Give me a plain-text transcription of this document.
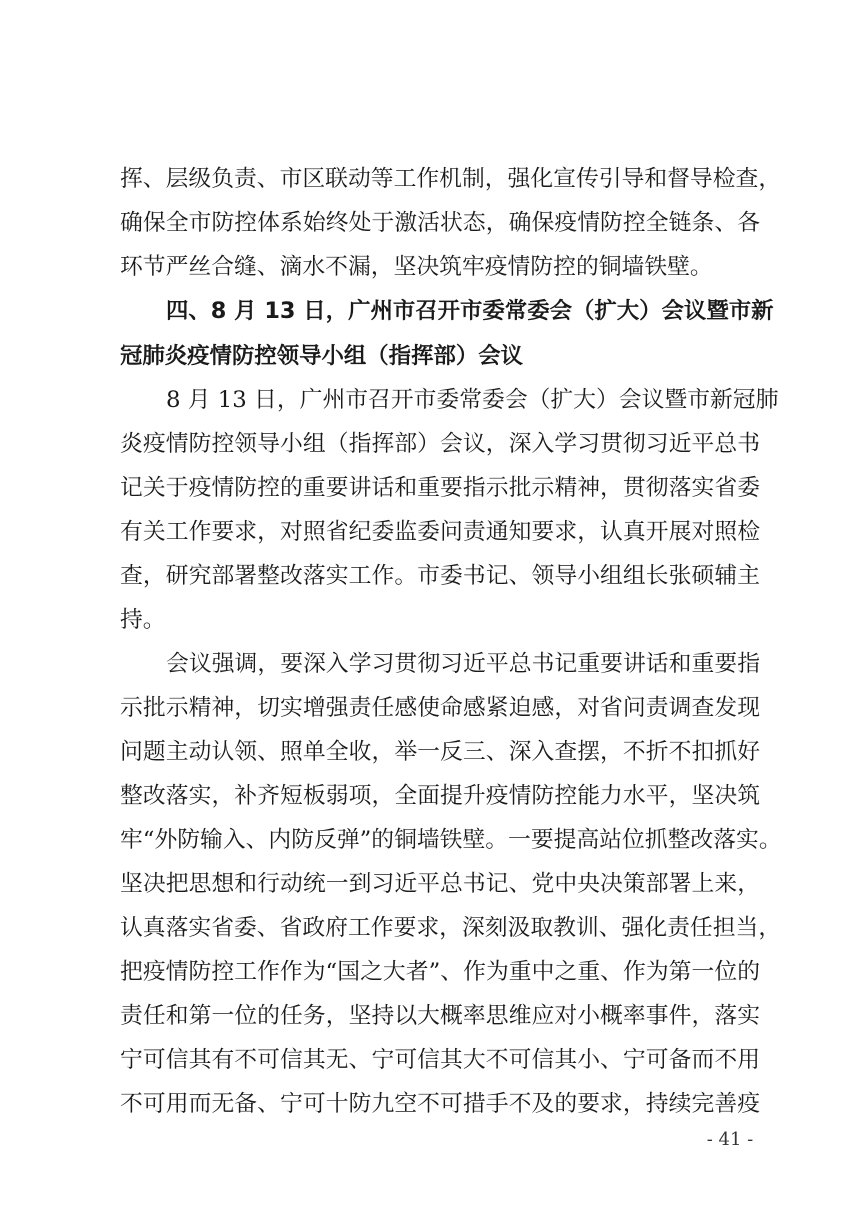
挥、层级负责、市区联动等工作机制，强化宣传引导和督导检查，
确保全市防控体系始终处于激活状态，确保疫情防控全链条、各
环节严丝合缝、滴水不漏，坚决筑牢疫情防控的铜墙铁壁。
四、8 月 13 日，广州市召开市委常委会（扩大）会议暨市新
冠肺炎疫情防控领导小组（指挥部）会议
8 月 13 日，广州市召开市委常委会（扩大）会议暨市新冠肺
炎疫情防控领导小组（指挥部）会议，深入学习贯彻习近平总书
记关于疫情防控的重要讲话和重要指示批示精神，贯彻落实省委
有关工作要求，对照省纪委监委问责通知要求，认真开展对照检
查，研究部署整改落实工作。市委书记、领导小组组长张硕辅主
持。
会议强调，要深入学习贯彻习近平总书记重要讲话和重要指
示批示精神，切实增强责任感使命感紧迫感，对省问责调查发现
问题主动认领、照单全收，举一反三、深入查摆，不折不扣抓好
整改落实，补齐短板弱项，全面提升疫情防控能力水平，坚决筑
牢“外防输入、内防反弹”的铜墙铁壁。一要提高站位抓整改落实。
坚决把思想和行动统一到习近平总书记、党中央决策部署上来，
认真落实省委、省政府工作要求，深刻汲取教训、强化责任担当，
把疫情防控工作作为“国之大者”、作为重中之重、作为第一位的
责任和第一位的任务，坚持以大概率思维应对小概率事件，落实
宁可信其有不可信其无、宁可信其大不可信其小、宁可备而不用
不可用而无备、宁可十防九空不可措手不及的要求，持续完善疫
- 41 -
